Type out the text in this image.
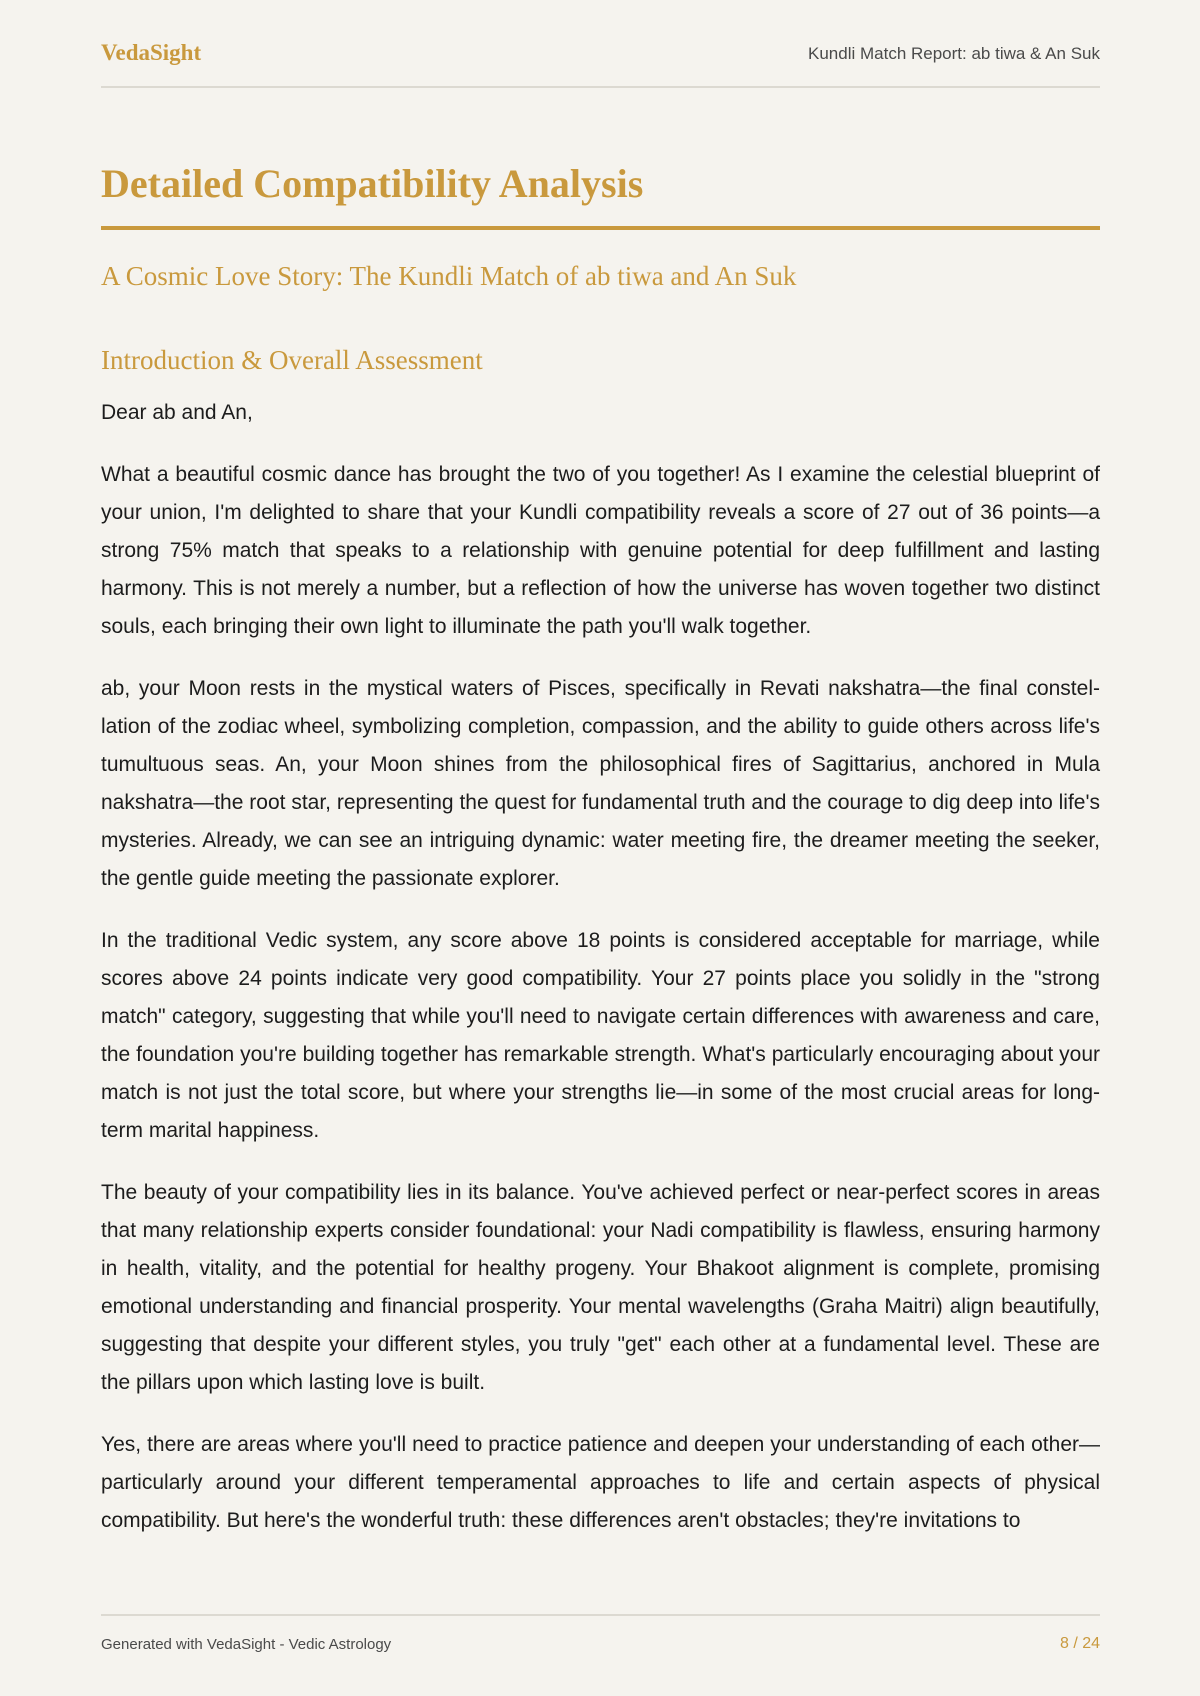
VedaSight	Kundli Match Report: ab tiwa & An Suk
Detailed Compatibility Analysis
A Cosmic Love Story: The Kundli Match of ab tiwa and An Suk
Introduction & Overall Assessment

Dear ab and An,

What a beautiful cosmic dance has brought the two of you together! As I examine the celestial blueprint of your union, I'm delighted to share that your Kundli compatibility reveals a score of 27 out of 36 points—a strong 75% match that speaks to a relationship with genuine potential for deep fulfillment and lasting harmony. This is not merely a number, but a reflection of how the universe has woven together two distinct souls, each bringing their own light to illuminate the path you'll walk together.

ab, your Moon rests in the mystical waters of Pisces, specifically in Revati nakshatra—the final constellation of the zodiac wheel, symbolizing completion, compassion, and the ability to guide others across life's tumultuous seas. An, your Moon shines from the philosophical fires of Sagittarius, anchored in Mula nakshatra—the root star, representing the quest for fundamental truth and the courage to dig deep into life's mysteries. Already, we can see an intriguing dynamic: water meeting fire, the dreamer meeting the seeker, the gentle guide meeting the passionate explorer.

In the traditional Vedic system, any score above 18 points is considered acceptable for marriage, while scores above 24 points indicate very good compatibility. Your 27 points place you solidly in the "strong match" category, suggesting that while you'll need to navigate certain differences with awareness and care, the foundation you're building together has remarkable strength. What's particularly encouraging about your match is not just the total score, but where your strengths lie—in some of the most crucial areas for long-term marital happiness.

The beauty of your compatibility lies in its balance. You've achieved perfect or near-perfect scores in areas that many relationship experts consider foundational: your Nadi compatibility is flawless, ensuring harmony in health, vitality, and the potential for healthy progeny. Your Bhakoot alignment is complete, promising emotional understanding and financial prosperity. Your mental wavelengths (Graha Maitri) align beautifully, suggesting that despite your different styles, you truly "get" each other at a fundamental level. These are the pillars upon which lasting love is built.

Yes, there are areas where you'll need to practice patience and deepen your understanding of each other—particularly around your different temperamental approaches to life and certain aspects of physical compatibility. But here's the wonderful truth: these differences aren't obstacles; they're invitations to

Generated with VedaSight - Vedic Astrology	8 / 24
